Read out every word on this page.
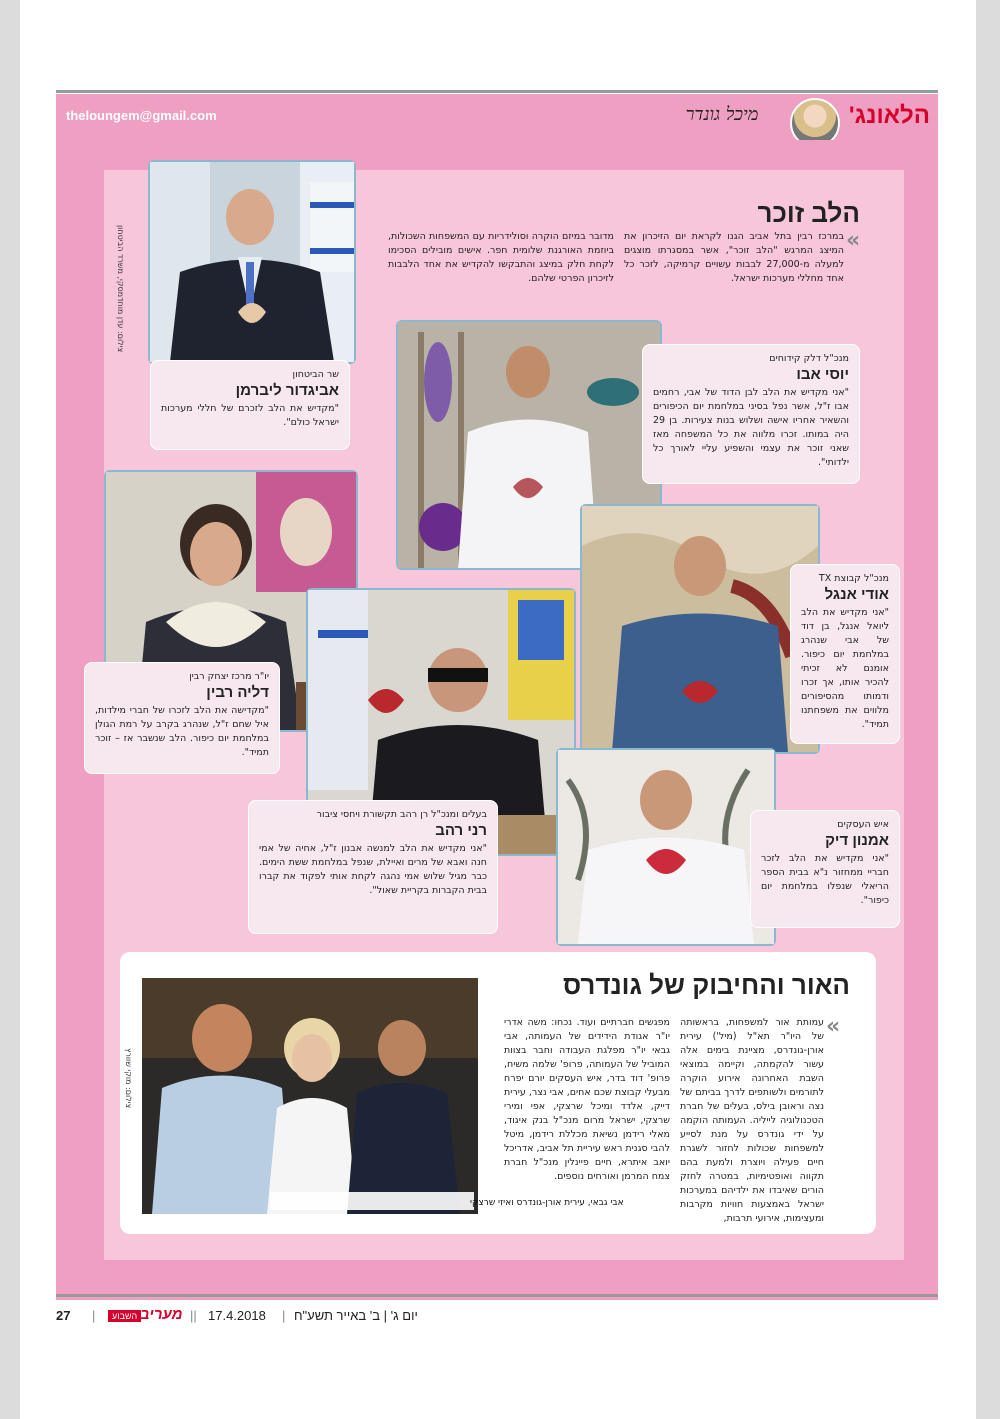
theloungem@gmail.com	מיכל גונדר	הלאונג'
הלב זוכר
«
במרכז רבין בתל אביב הגנו לקראת יום הזיכרון את המיצג המרגש "הלב זוכר", אשר במסגרתו מוצגים למעלה מ-27,000 לבבות עשויים קרמיקה, לזכר כל אחד מחללי מערכות ישראל.
מדובר במיזם הוקרה וסולידריות עם המשפחות השכולות, ביוזמת האורגנת שלומית חפר. אישים מובילים הסכימו לקחת חלק במיצג והתבקשו להקדיש את אחד הלבבות לזיכרון הפרטי שלהם.
צילום: עדן מוחדמסקי, משרד הביטחון
שר הביטחון
אביגדור ליברמן
"מקדיש את הלב לזכרם של חללי מערכות ישראל כולם".
מנכ"ל דלק קידוחים
יוסי אבו
"אני מקדיש את הלב לבן הדוד של אבי, רחמים אבו ז"ל, אשר נפל בסיני במלחמת יום הכיפורים והשאיר אחריו אישה ושלוש בנות צעירות. בן 29 היה במותו. זכרו מלווה את כל המשפחה מאז שאני זוכר את עצמי והשפיע עליי לאורך כל ילדותי".
יו"ר מרכז יצחק רבין
דליה רבין
"מקדישה את הלב לזכרו של חברי מילדות, איל שחם ז"ל, שנהרג בקרב על רמת הגולן במלחמת יום כיפור. הלב שנשבר אז – זוכר תמיד".
מנכ"ל קבוצת TX
אודי אנגל
"אני מקדיש את הלב ליואל אנגל, בן דוד של אבי שנהרג במלחמת יום כיפור. אומנם לא זכיתי להכיר אותו, אך זכרו ודמותו מהסיפורים מלווים את משפחתנו תמיד".
בעלים ומנכ"ל רן רהב תקשורת ויחסי ציבור
רני רהב
"אני מקדיש את הלב למנשה אבנון ז"ל, אחיה של אמי חנה ואבא של מרים ואיילת, שנפל במלחמת ששת הימים. כבר מגיל שלוש אמי נהגה לקחת אותי לפקוד את קברו בבית הקברות בקריית שאול".
איש העסקים
אמנון דיק
"אני מקדיש את הלב לזכר חבריי ממחזור נ"א בבית הספר הריאלי שנפלו במלחמת יום כיפור".
האור והחיבוק של גונדרס
«
עמותת אור למשפחות, בראשותה של היו"ר תא"ל (מיל') עירית אורן-גונדרס, מציינת בימים אלה עשור להקמתה, וקיימה במוצאי השבת האחרונה אירוע הוקרה לתורמים ולשותפים לדרך בביתם של נצה וראובן בילס, בעלים של חברת הטכנולוגיה לייליה. העמותה הוקמה על ידי גונדרס על מנת לסייע למשפחות שכולות לחזור לשגרת חיים פעילה ויוצרת ולמעת בהם תקווה ואופטימיות, במטרה לחזק הורים שאיבדו את ילדיהם במערכות ישראל באמצעות חוויות מקרבות ומעצימות, אירועי תרבות,
מפגשים חברתיים ועוד. נכחו: משה אדרי יו"ר אגודת הידידים של העמותה, אבי גבאי יו"ר מפלגת העבודה וחבר בצוות המוביל של העמותה, פרופ' שלמה משיח, פרופ' דוד בדר, איש העסקים יורם יפרח מבעלי קבוצת שכם אחים, אבי נצר, עירית דייק, אלדד ומיכל שרצקי, אפי ומירי שרצקי, ישראל מרום מנכ"ל בנק איגוד, מאלי רידמן נשיאת מכללת רידמן, מיטל להבי סגנית ראש עיריית תל אביב, אדריכל יואב איתרא, חיים פיינלין מנכ"ל חברת צמח המרמן ואורחים נוספים.
צילום: מוקי שוורץ
אבי גבאי, עירית אורן-גונדרס ואיזי שרצקי
27 |	השבוע מעריב || 17.4.2018 | יום ג' | ב' באייר תשע"ח
